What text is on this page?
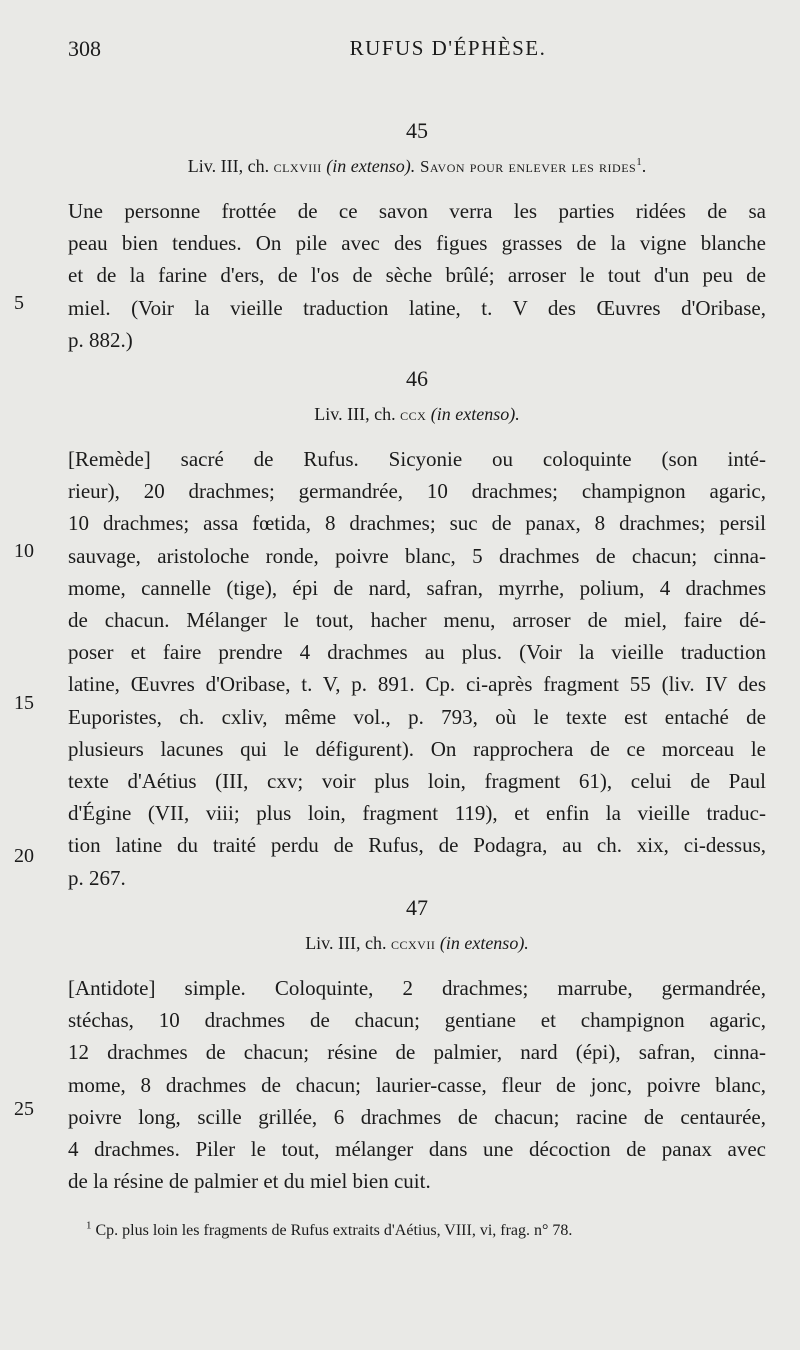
308	RUFUS D'ÉPHÈSE.
45
Liv. III, ch. clxviii (in extenso). Savon pour enlever les rides$^1$.
Une personne frottée de ce savon verra les parties ridées de sa
peau bien tendues. On pile avec des figues grasses de la vigne blanche
et de la farine d'ers, de l'os de sèche brûlé; arroser le tout d'un peu de
miel. (Voir la vieille traduction latine, t. V des Œuvres d'Oribase,
p. 882.)
46
Liv. III, ch. ccx (in extenso).
[Remède] sacré de Rufus. Sicyonie ou coloquinte (son inté-
rieur), 20 drachmes; germandrée, 10 drachmes; champignon agaric,
10 drachmes; assa fœtida, 8 drachmes; suc de panax, 8 drachmes; persil
sauvage, aristoloche ronde, poivre blanc, 5 drachmes de chacun; cinna-
mome, cannelle (tige), épi de nard, safran, myrrhe, polium, 4 drachmes
de chacun. Mélanger le tout, hacher menu, arroser de miel, faire dé-
poser et faire prendre 4 drachmes au plus. (Voir la vieille traduction
latine, Œuvres d'Oribase, t. V, p. 891. Cp. ci-après fragment 55 (liv. IV des
Euporistes, ch. cxliv, même vol., p. 793, où le texte est entaché de
plusieurs lacunes qui le défigurent). On rapprochera de ce morceau le
texte d'Aétius (III, cxv; voir plus loin, fragment 61), celui de Paul
d'Égine (VII, viii; plus loin, fragment 119), et enfin la vieille traduc-
tion latine du traité perdu de Rufus, de Podagra, au ch. xix, ci-dessus,
p. 267.
47
Liv. III, ch. ccxvii (in extenso).
[Antidote] simple. Coloquinte, 2 drachmes; marrube, germandrée,
stéchas, 10 drachmes de chacun; gentiane et champignon agaric,
12 drachmes de chacun; résine de palmier, nard (épi), safran, cinna-
mome, 8 drachmes de chacun; laurier-casse, fleur de jonc, poivre blanc,
poivre long, scille grillée, 6 drachmes de chacun; racine de centaurée,
4 drachmes. Piler le tout, mélanger dans une décoction de panax avec
de la résine de palmier et du miel bien cuit.
5
10
15
20
25
$^1$ Cp. plus loin les fragments de Rufus extraits d'Aétius, VIII, vi, frag. n° 78.
